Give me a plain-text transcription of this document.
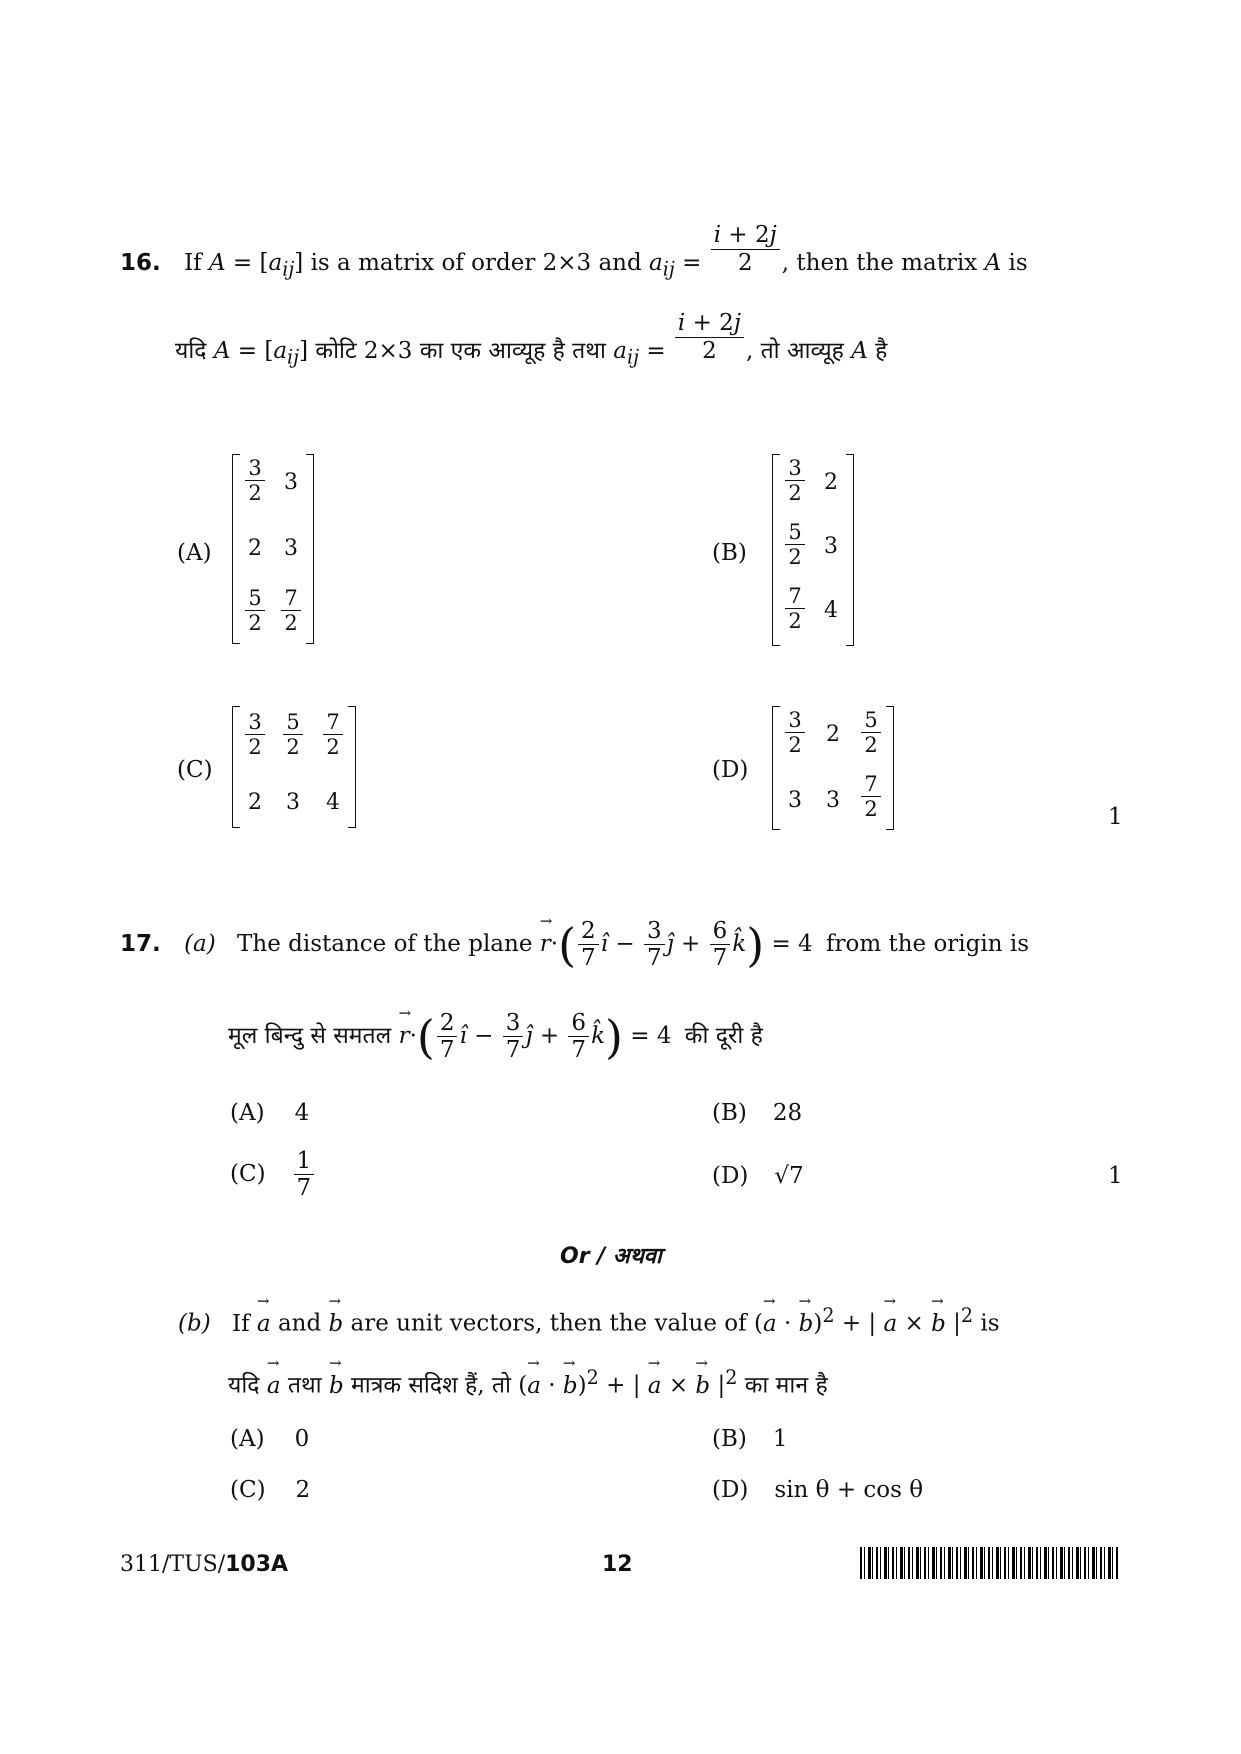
16. If $A = [a_{ij}]$ is a matrix of order 2×3 and $a_{ij} = \frac{i + 2j}{2}$ , then the matrix A is
यदि $A = [a_{ij}]$ कोटि 2×3 का एक आव्यूह है तथा $a_{ij} = \frac{i + 2j}{2}$ , तो आव्यूह A है
(A)
$\frac{3}{2} 3$
2	3
$\frac{5}{2} \frac{7}{2}$
(B)
$\frac{3}{2} 2$
$\frac{5}{2} 3$
$\frac{7}{2} 4$
(C)
$\frac{3}{2} \frac{5}{2} \frac{7}{2}$
2	3	4
(D)
$\frac{3}{2} 2$	$\frac{5}{2}$
3	3	$\frac{7}{2}$	1
17. (a) The distance of the plane → $r\cdot( \frac{2}{7}$ î − $\frac{3}{7}$ ĵ + $\frac{6}{7}$ k̂) = 4 from the origin is
मूल बिन्दु से समतल → $r\cdot( \frac{2}{7}$ î − $\frac{3}{7}$ ĵ + $\frac{6}{7}$ k̂) = 4 की दूरी है
(A) 4	(B) 28
$(C) \frac{1}{7}$	(D) √7	1
Or / अथवा
(b) If → a and → b are unit vectors, then the value of (→ a · → b)$^2$ + | → a × → b $|^2$ is
यदि → a तथा → b मात्रक सदिश हैं, तो (→ a · → b)$^2$ + | → a × → b $|^2$ का मान है
(A) 0	(B) 1
(C) 2	(D) sin θ + cos θ
311/TUS/103A	12
